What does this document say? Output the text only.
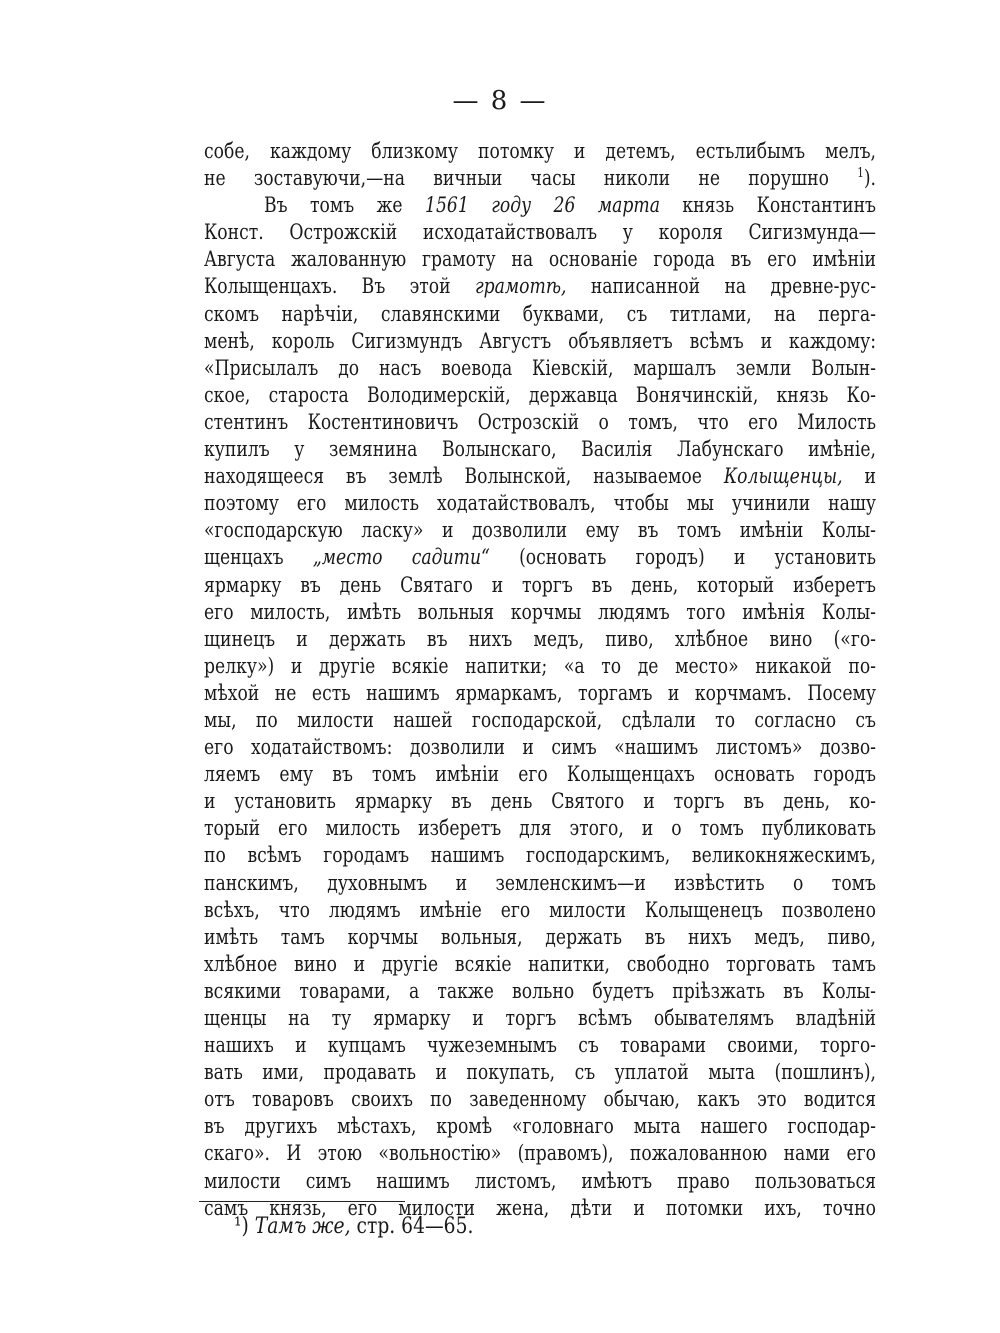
— 8 —
собе, каждому близкому потомку и детемъ, естьлибымъ мелъ,
не зоставуючи,—на вичныи часы николи не порушно $^1$).
Въ томъ же 1561 году 26 марта князь Константинъ
Конст. Острожскій исходатайствовалъ у короля Сигизмунда—
Августа жалованную грамоту на основаніе города въ его имѣніи
Колыщенцахъ. Въ этой грамотѣ, написанной на древне-рус-
скомъ нарѣчіи, славянскими буквами, съ титлами, на перга-
менѣ, король Сигизмундъ Августъ объявляетъ всѣмъ и каждому:
«Присылалъ до насъ воевода Кіевскій, маршалъ земли Волын-
ское, староста Володимерскій, державца Вонячинскій, князь Ко-
стентинъ Костентиновичъ Острозскій о томъ, что его Милость
купилъ у земянина Волынскаго, Василія Лабунскаго имѣніе,
находящееся въ землѣ Волынской, называемое Колыщенцы, и
поэтому его милость ходатайствовалъ, чтобы мы учинили нашу
«господарскую ласку» и дозволили ему въ томъ имѣніи Колы-
щенцахъ „место садити“ (основать городъ) и установить
ярмарку въ день Святаго и торгъ въ день, который изберетъ
его милость, имѣть вольныя корчмы людямъ того имѣнія Колы-
щинецъ и держать въ нихъ медъ, пиво, хлѣбное вино («го-
релку») и другіе всякіе напитки; «а то де место» никакой по-
мѣхой не есть нашимъ ярмаркамъ, торгамъ и корчмамъ. Посему
мы, по милости нашей господарской, сдѣлали то согласно съ
его ходатайствомъ: дозволили и симъ «нашимъ листомъ» дозво-
ляемъ ему въ томъ имѣніи его Колыщенцахъ основать городъ
и установить ярмарку въ день Святого и торгъ въ день, ко-
торый его милость изберетъ для этого, и о томъ публиковать
по всѣмъ городамъ нашимъ господарскимъ, великокняжескимъ,
панскимъ, духовнымъ и земленскимъ—и извѣстить о томъ
всѣхъ, что людямъ имѣніе его милости Колыщенецъ позволено
имѣть тамъ корчмы вольныя, держать въ нихъ медъ, пиво,
хлѣбное вино и другіе всякіе напитки, свободно торговать тамъ
всякими товарами, а также вольно будетъ пріѣзжать въ Колы-
щенцы на ту ярмарку и торгъ всѣмъ обывателямъ владѣній
нашихъ и купцамъ чужеземнымъ съ товарами своими, торго-
вать ими, продавать и покупать, съ уплатой мыта (пошлинъ),
отъ товаровъ своихъ по заведенному обычаю, какъ это водится
въ другихъ мѣстахъ, кромѣ «головнаго мыта нашего господар-
скаго». И этою «вольностію» (правомъ), пожалованною нами его
милости симъ нашимъ листомъ, имѣютъ право пользоваться
самъ князь, его милости жена, дѣти и потомки ихъ, точно
¹) Тамъ же, стр. 64—65.
